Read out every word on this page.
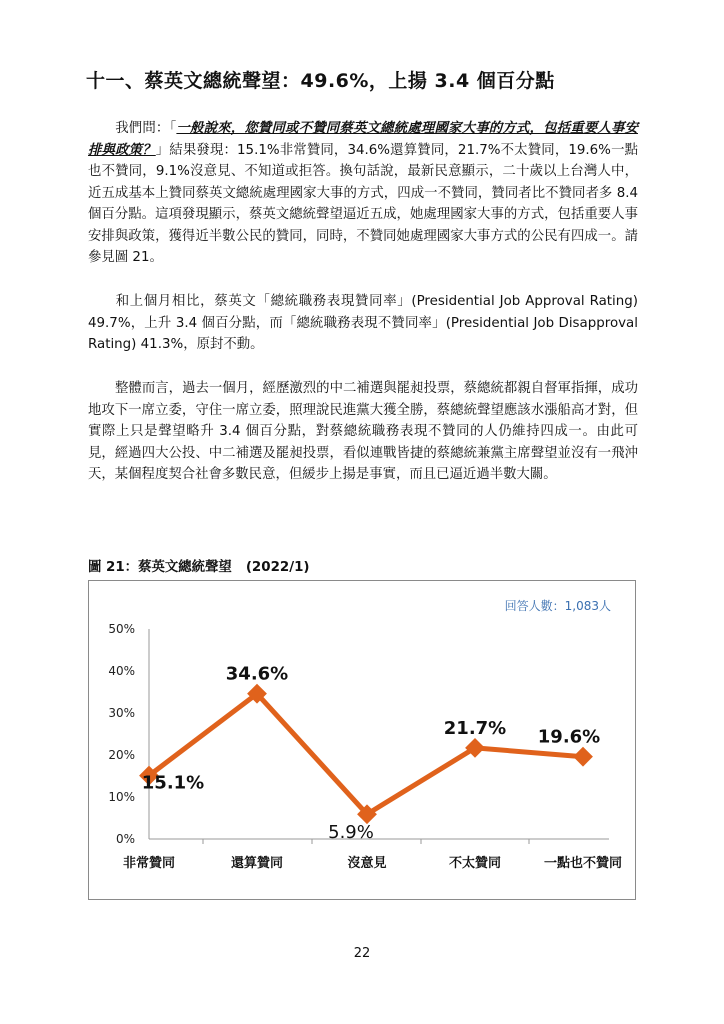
十一、蔡英文總統聲望：49.6%，上揚 3.4 個百分點

我們問：「一般說來，您贊同或不贊同蔡英文總統處理國家大事的方式，包括重要人事安排與政策？」結果發現：15.1%非常贊同，34.6%還算贊同，21.7%不太贊同，19.6%一點也不贊同，9.1%沒意見、不知道或拒答。換句話說，最新民意顯示，二十歲以上台灣人中，近五成基本上贊同蔡英文總統處理國家大事的方式，四成一不贊同，贊同者比不贊同者多 8.4 個百分點。這項發現顯示，蔡英文總統聲望逼近五成，她處理國家大事的方式，包括重要人事安排與政策，獲得近半數公民的贊同，同時，不贊同她處理國家大事方式的公民有四成一。請參見圖 21。

和上個月相比，蔡英文「總統職務表現贊同率」(Presidential Job Approval Rating) 49.7%，上升 3.4 個百分點，而「總統職務表現不贊同率」(Presidential Job Disapproval Rating) 41.3%，原封不動。

整體而言，過去一個月，經歷激烈的中二補選與罷昶投票，蔡總統都親自督軍指揮，成功地攻下一席立委，守住一席立委，照理說民進黨大獲全勝，蔡總統聲望應該水漲船高才對，但實際上只是聲望略升 3.4 個百分點，對蔡總統職務表現不贊同的人仍維持四成一。由此可見，經過四大公投、中二補選及罷昶投票，看似連戰皆捷的蔡總統兼黨主席聲望並沒有一飛沖天，某個程度契合社會多數民意，但緩步上揚是事實，而且已逼近過半數大關。

圖 21：蔡英文總統聲望 (2022/1)
回答人數：1,083人
0%
10%
20%
30%
40%
50%
非常贊同	還算贊同	沒意見	不太贊同	一點也不贊同
15.1%
34.6%
5.9%
21.7% 19.6%
22
